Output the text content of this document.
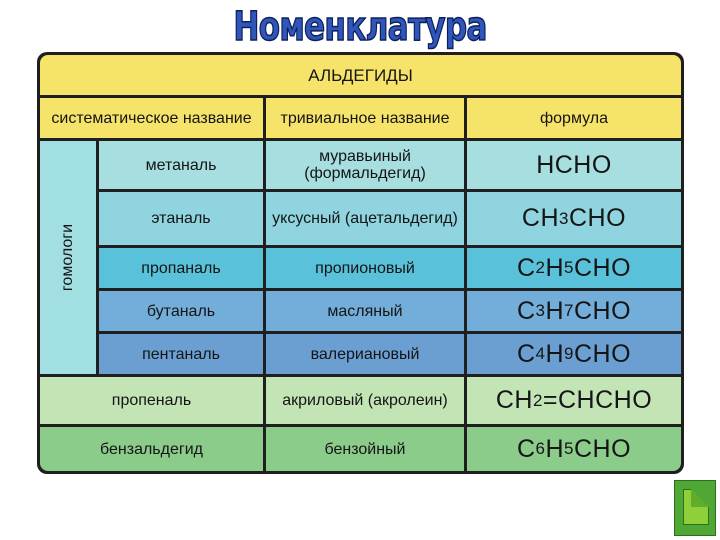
Номенклатура
АЛЬДЕГИДЫ
систематическое название	тривиальное название	формула
гомологи
метаналь	муравьиный (формальдегид)	HCHO
этаналь	уксусный (ацетальдегид)	CH 3 CHO
пропаналь	пропионовый	C 2 H 5 CHO
бутаналь	масляный	C 3 H 7 CHO
пентаналь	валериановый	C 4 H 9 CHO
пропеналь	акриловый (акролеин)	CH 2 =CHCHO
бензальдегид	бензойный	C 6 H 5 CHO
